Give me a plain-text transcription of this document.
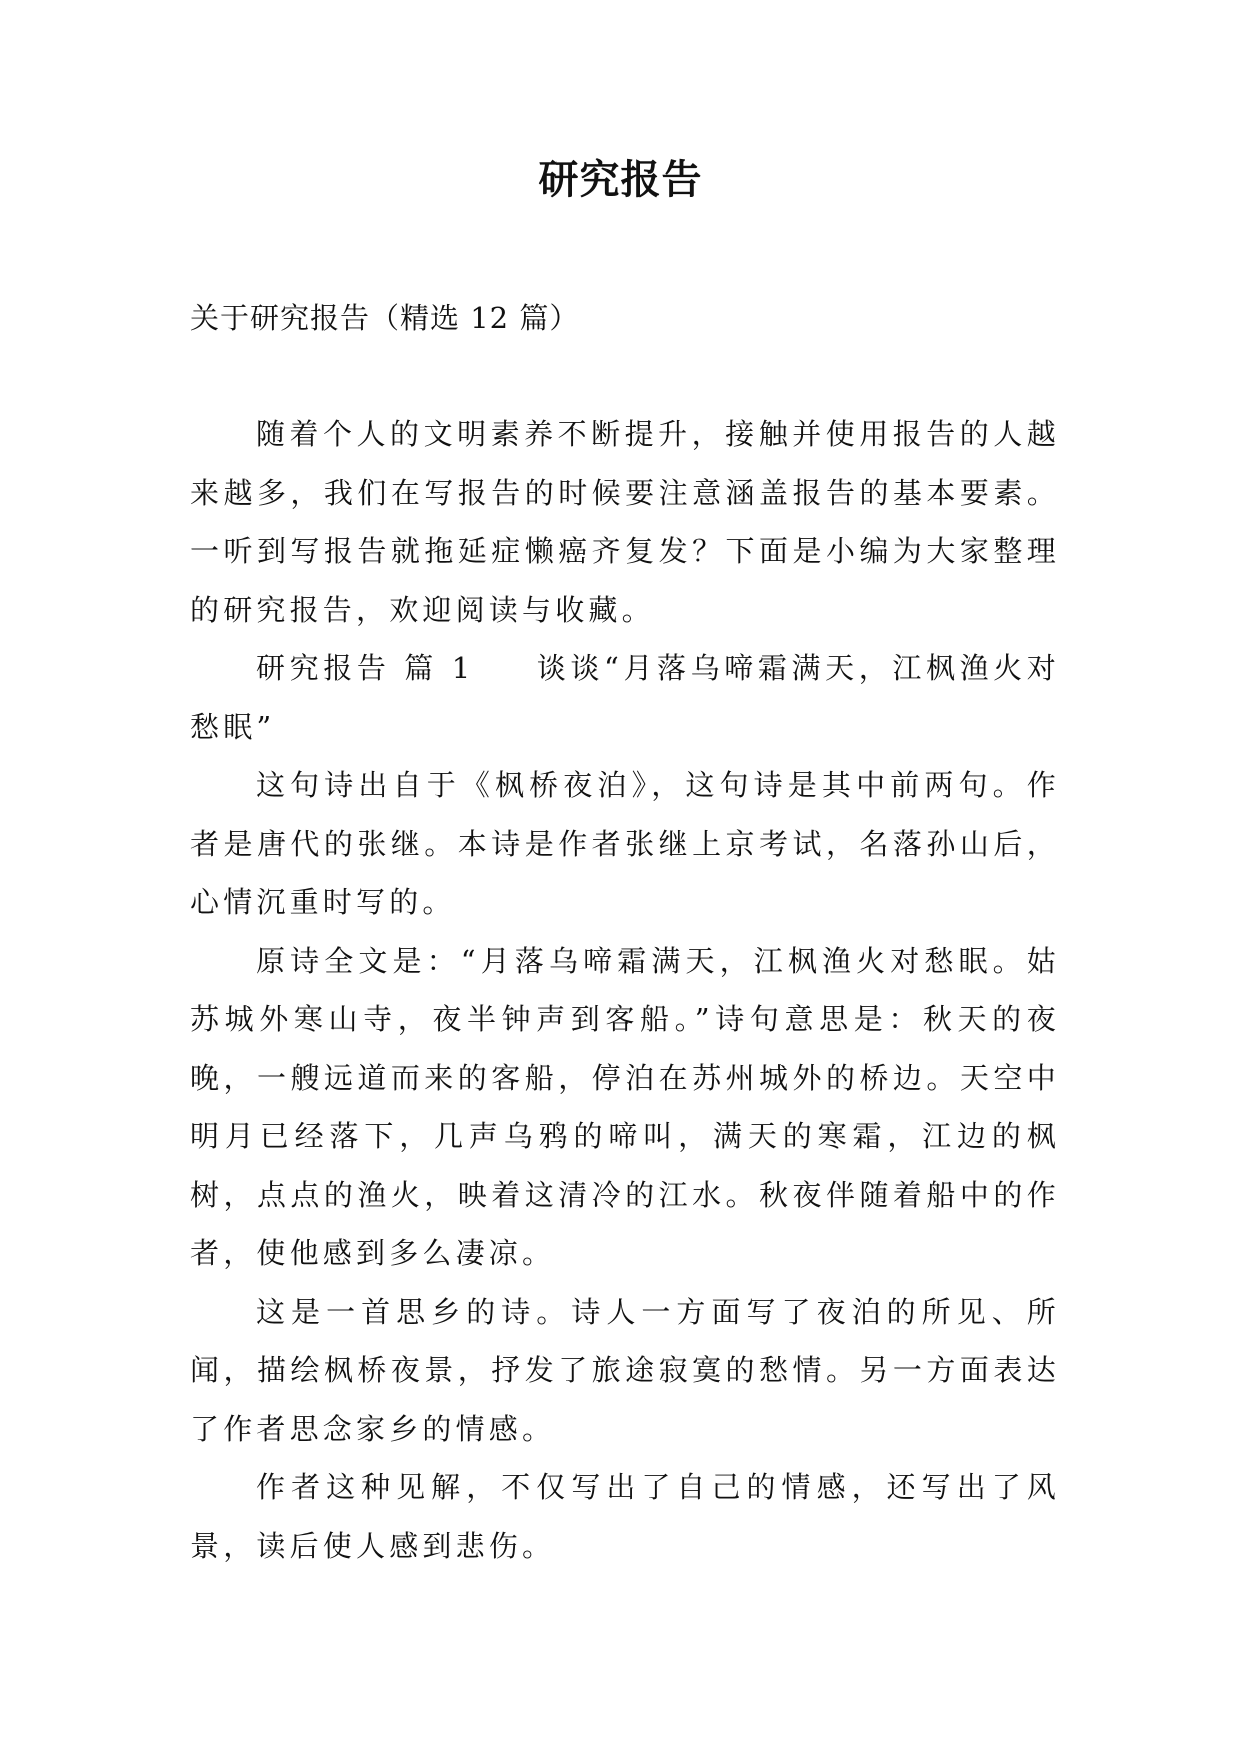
研究报告
关于研究报告（精选 12 篇）

随着个人的文明素养不断提升，接触并使用报告的人越来越多，我们在写报告的时候要注意涵盖报告的基本要素。一听到写报告就拖延症懒癌齐复发？下面是小编为大家整理的研究报告，欢迎阅读与收藏。

研究报告 篇 1 谈谈“月落乌啼霜满天，江枫渔火对愁眠”

这句诗出自于《枫桥夜泊》，这句诗是其中前两句。作者是唐代的张继。本诗是作者张继上京考试，名落孙山后，心情沉重时写的。

原诗全文是：“月落乌啼霜满天，江枫渔火对愁眠。姑苏城外寒山寺，夜半钟声到客船。”诗句意思是：秋天的夜晚，一艘远道而来的客船，停泊在苏州城外的桥边。天空中明月已经落下，几声乌鸦的啼叫，满天的寒霜，江边的枫树，点点的渔火，映着这清冷的江水。秋夜伴随着船中的作者，使他感到多么凄凉。

这是一首思乡的诗。诗人一方面写了夜泊的所见、所闻，描绘枫桥夜景，抒发了旅途寂寞的愁情。另一方面表达了作者思念家乡的情感。

作者这种见解，不仅写出了自己的情感，还写出了风景，读后使人感到悲伤。
